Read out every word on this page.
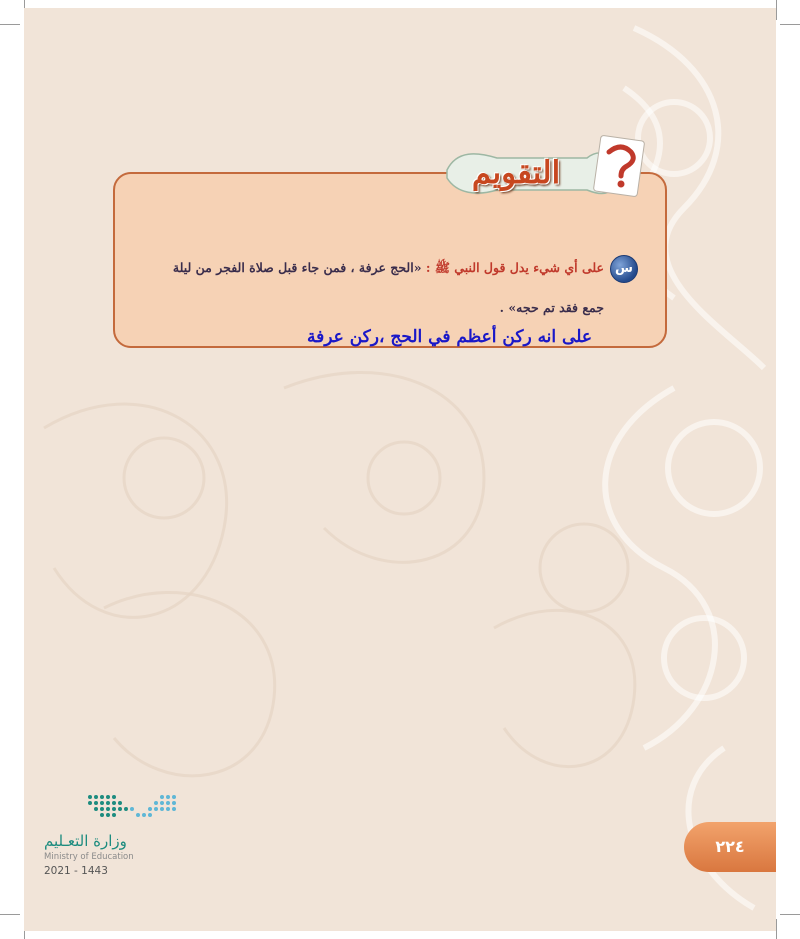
التقويم
س
على أي شيء يدل قول النبي ﷺ : «الحج عرفة ، فمن جاء قبل صلاة الفجر من ليلة
جمع فقد تم حجه» .
على انه ركن أعظم في الحج ،ركن عرفة
وزارة التعـليم
Ministry of Education
2021 - 1443
٢٢٤
